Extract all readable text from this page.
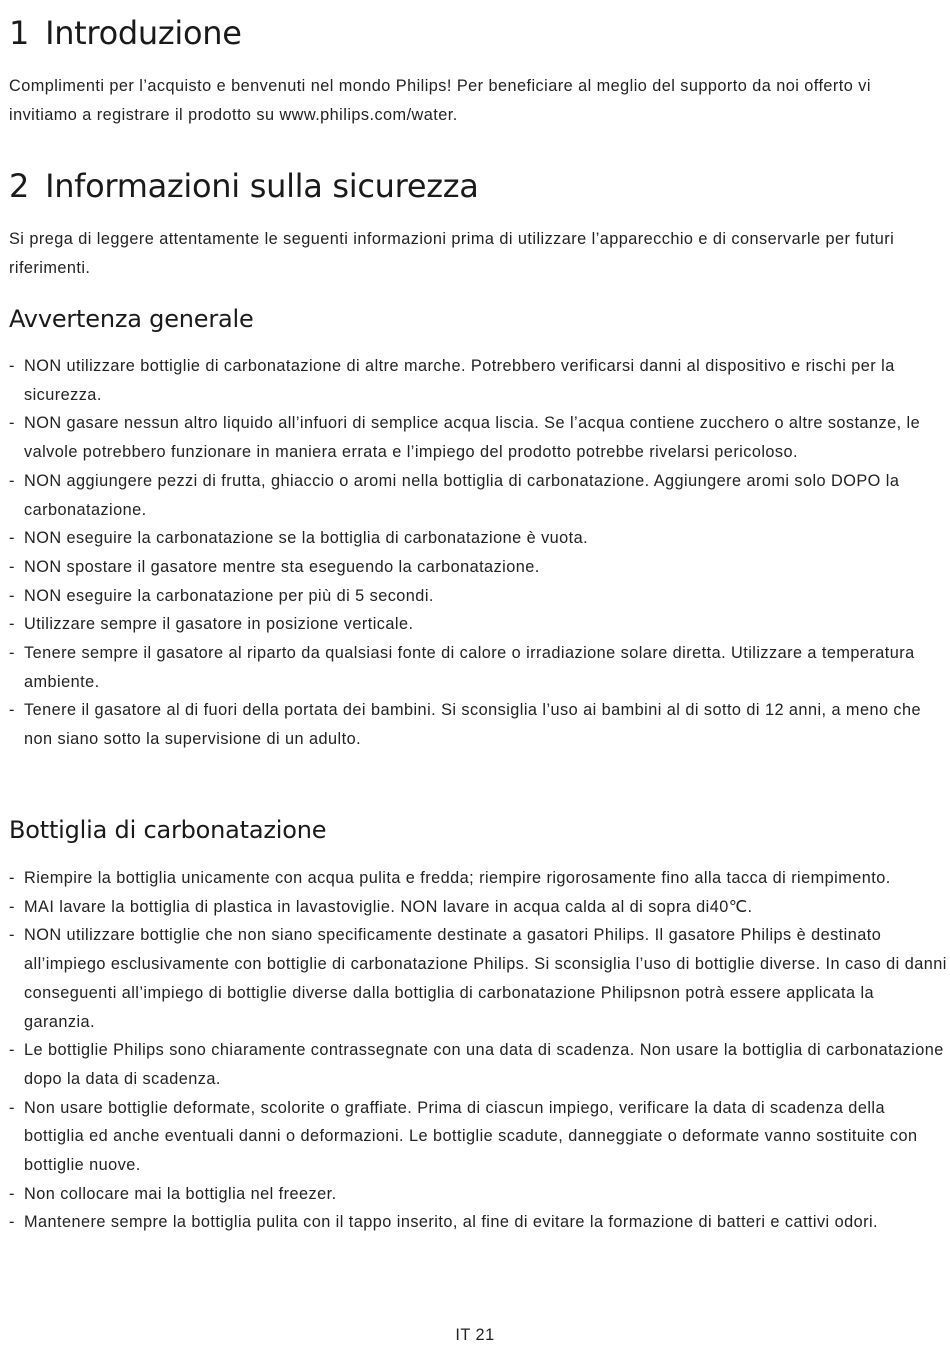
1 Introduzione

Complimenti per l’acquisto e benvenuti nel mondo Philips! Per beneficiare al meglio del supporto da noi offerto vi invitiamo a registrare il prodotto su www.philips.com/water.

2 Informazioni sulla sicurezza

Si prega di leggere attentamente le seguenti informazioni prima di utilizzare l’apparecchio e di conservarle per futuri riferimenti.

Avvertenza generale
- NON utilizzare bottiglie di carbonatazione di altre marche. Potrebbero verificarsi danni al dispositivo e rischi per la sicurezza.
- NON gasare nessun altro liquido all’infuori di semplice acqua liscia. Se l’acqua contiene zucchero o altre sostanze, le valvole potrebbero funzionare in maniera errata e l’impiego del prodotto potrebbe rivelarsi pericoloso.
- NON aggiungere pezzi di frutta, ghiaccio o aromi nella bottiglia di carbonatazione. Aggiungere aromi solo DOPO la carbonatazione.
- NON eseguire la carbonatazione se la bottiglia di carbonatazione è vuota.
- NON spostare il gasatore mentre sta eseguendo la carbonatazione.
- NON eseguire la carbonatazione per più di 5 secondi.
- Utilizzare sempre il gasatore in posizione verticale.
- Tenere sempre il gasatore al riparto da qualsiasi fonte di calore o irradiazione solare diretta. Utilizzare a temperatura ambiente.
- Tenere il gasatore al di fuori della portata dei bambini. Si sconsiglia l’uso ai bambini al di sotto di 12 anni, a meno che non siano sotto la supervisione di un adulto.
Bottiglia di carbonatazione
- Riempire la bottiglia unicamente con acqua pulita e fredda; riempire rigorosamente fino alla tacca di riempimento.
- MAI lavare la bottiglia di plastica in lavastoviglie. NON lavare in acqua calda al di sopra di40℃.
- NON utilizzare bottiglie che non siano specificamente destinate a gasatori Philips. Il gasatore Philips è destinato all’impiego esclusivamente con bottiglie di carbonatazione Philips. Si sconsiglia l’uso di bottiglie diverse. In caso di danni conseguenti all’impiego di bottiglie diverse dalla bottiglia di carbonatazione Philipsnon potrà essere applicata la garanzia.
- Le bottiglie Philips sono chiaramente contrassegnate con una data di scadenza. Non usare la bottiglia di carbonatazione dopo la data di scadenza.
- Non usare bottiglie deformate, scolorite o graffiate. Prima di ciascun impiego, verificare la data di scadenza della bottiglia ed anche eventuali danni o deformazioni. Le bottiglie scadute, danneggiate o deformate vanno sostituite con bottiglie nuove.
- Non collocare mai la bottiglia nel freezer.
- Mantenere sempre la bottiglia pulita con il tappo inserito, al fine di evitare la formazione di batteri e cattivi odori.
IT 21
